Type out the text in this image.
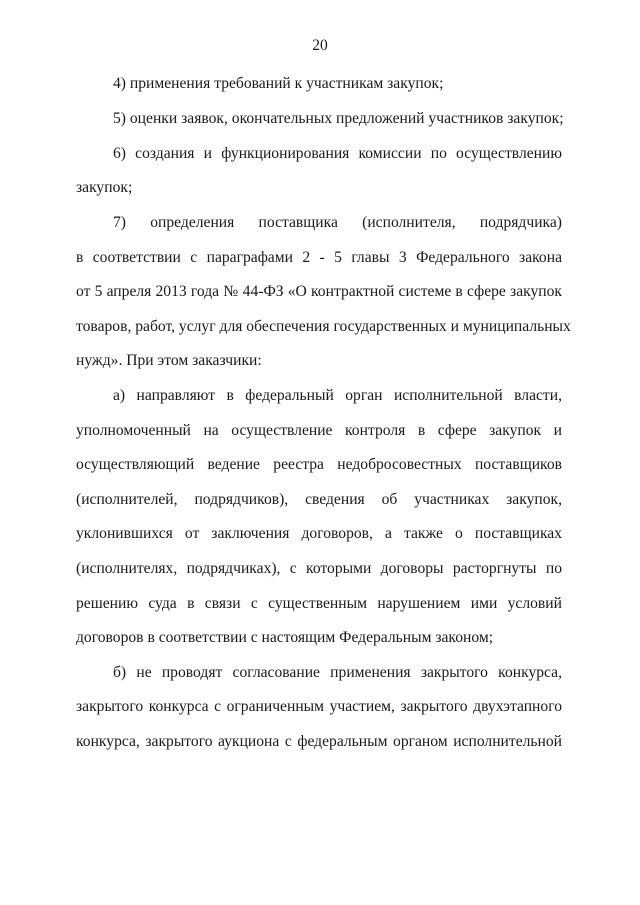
20
4) применения требований к участникам закупок;
5) оценки заявок, окончательных предложений участников закупок;
6) создания и функционирования комиссии по осуществлению
закупок;
7) определения поставщика (исполнителя, подрядчика)
в соответствии с параграфами 2 - 5 главы 3 Федерального закона
от 5 апреля 2013 года № 44-ФЗ «О контрактной системе в сфере закупок
товаров, работ, услуг для обеспечения государственных и муниципальных
нужд». При этом заказчики:
а) направляют в федеральный орган исполнительной власти,
уполномоченный на осуществление контроля в сфере закупок и
осуществляющий ведение реестра недобросовестных поставщиков
(исполнителей, подрядчиков), сведения об участниках закупок,
уклонившихся от заключения договоров, а также о поставщиках
(исполнителях, подрядчиках), с которыми договоры расторгнуты по
решению суда в связи с существенным нарушением ими условий
договоров в соответствии с настоящим Федеральным законом;
б) не проводят согласование применения закрытого конкурса,
закрытого конкурса с ограниченным участием, закрытого двухэтапного
конкурса, закрытого аукциона с федеральным органом исполнительной
